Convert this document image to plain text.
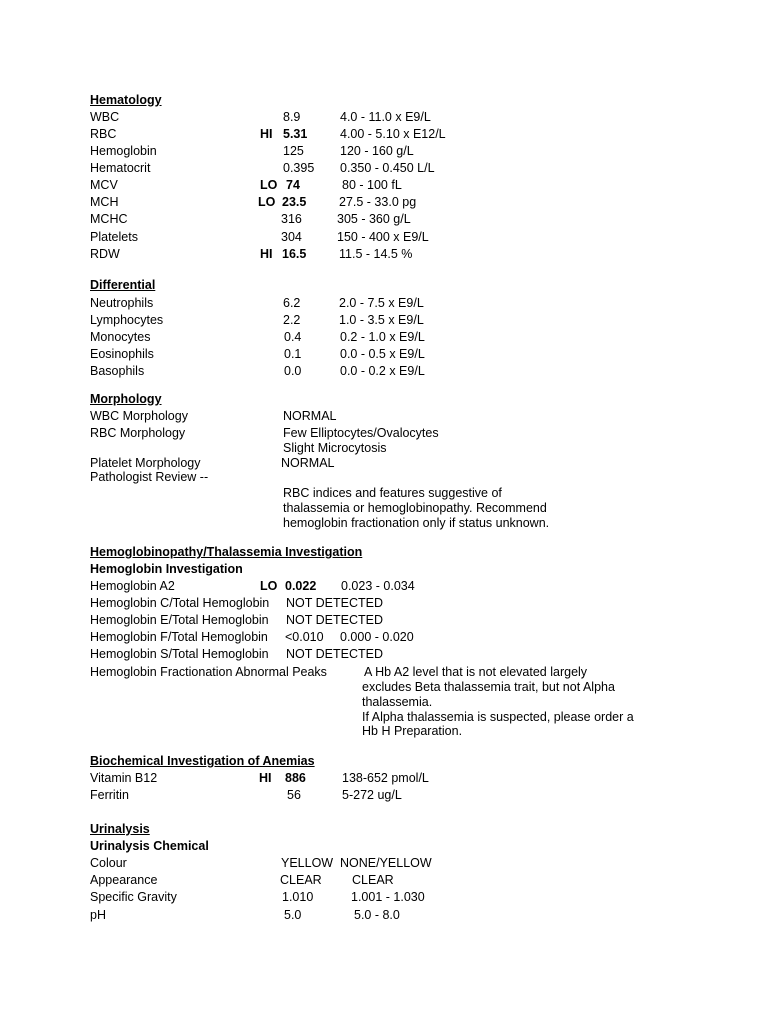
Hematology
WBC	8.9	4.0 - 11.0 x E9/L
RBC	HI 5.31	4.00 - 5.10 x E12/L
Hemoglobin	125	120 - 160 g/L
Hematocrit	0.395 0.350 - 0.450 L/L
MCV	LO 74	80 - 100 fL
MCH	LO 23.5	27.5 - 33.0 pg
MCHC	316	305 - 360 g/L
Platelets	304	150 - 400 x E9/L
RDW	HI 16.5	11.5 - 14.5 %
Differential
Neutrophils	6.2	2.0 - 7.5 x E9/L
Lymphocytes	2.2	1.0 - 3.5 x E9/L
Monocytes	0.4	0.2 - 1.0 x E9/L
Eosinophils	0.1	0.0 - 0.5 x E9/L
Basophils	0.0	0.0 - 0.2 x E9/L
Morphology
WBC Morphology	NORMAL
RBC Morphology	Few Elliptocytes/Ovalocytes
Slight Microcytosis
Platelet Morphology	NORMAL
Pathologist Review --
RBC indices and features suggestive of
thalassemia or hemoglobinopathy. Recommend
hemoglobin fractionation only if status unknown.
Hemoglobinopathy/Thalassemia Investigation
Hemoglobin Investigation
Hemoglobin A2	LO 0.022 0.023 - 0.034
Hemoglobin C/Total Hemoglobin NOT DETECTED
Hemoglobin E/Total Hemoglobin NOT DETECTED
Hemoglobin F/Total Hemoglobin <0.010 0.000 - 0.020
Hemoglobin S/Total Hemoglobin NOT DETECTED
Hemoglobin Fractionation Abnormal Peaks	A Hb A2 level that is not elevated largely
excludes Beta thalassemia trait, but not Alpha
thalassemia.
If Alpha thalassemia is suspected, please order a
Hb H Preparation.
Biochemical Investigation of Anemias
Vitamin B12	HI 886	138-652 pmol/L
Ferritin	56	5-272 ug/L
Urinalysis
Urinalysis Chemical
Colour	YELLOW NONE/YELLOW
Appearance	CLEAR CLEAR
Specific Gravity	1.010	1.001 - 1.030
pH	5.0	5.0 - 8.0
